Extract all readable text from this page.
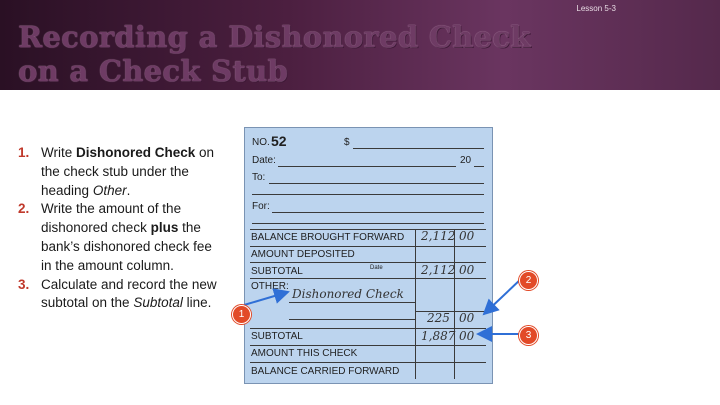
Lesson 5-3
Recording a Dishonored Check
on a Check Stub
1. Write Dishonored Check on the check stub under the heading Other.
2. Write the amount of the dishonored check plus the bank’s dishonored check fee in the amount column.
3. Calculate and record the new subtotal on the Subtotal line.
NO. 52	$
Date:	20
To:
For:
BALANCE BROUGHT FORWARD 2,112 00
AMOUNT DEPOSITED
SUBTOTAL	Date	2,112 00
OTHER:
Dishonored Check
225 00
SUBTOTAL	1,887 00
AMOUNT THIS CHECK
BALANCE CARRIED FORWARD
1
2
3
